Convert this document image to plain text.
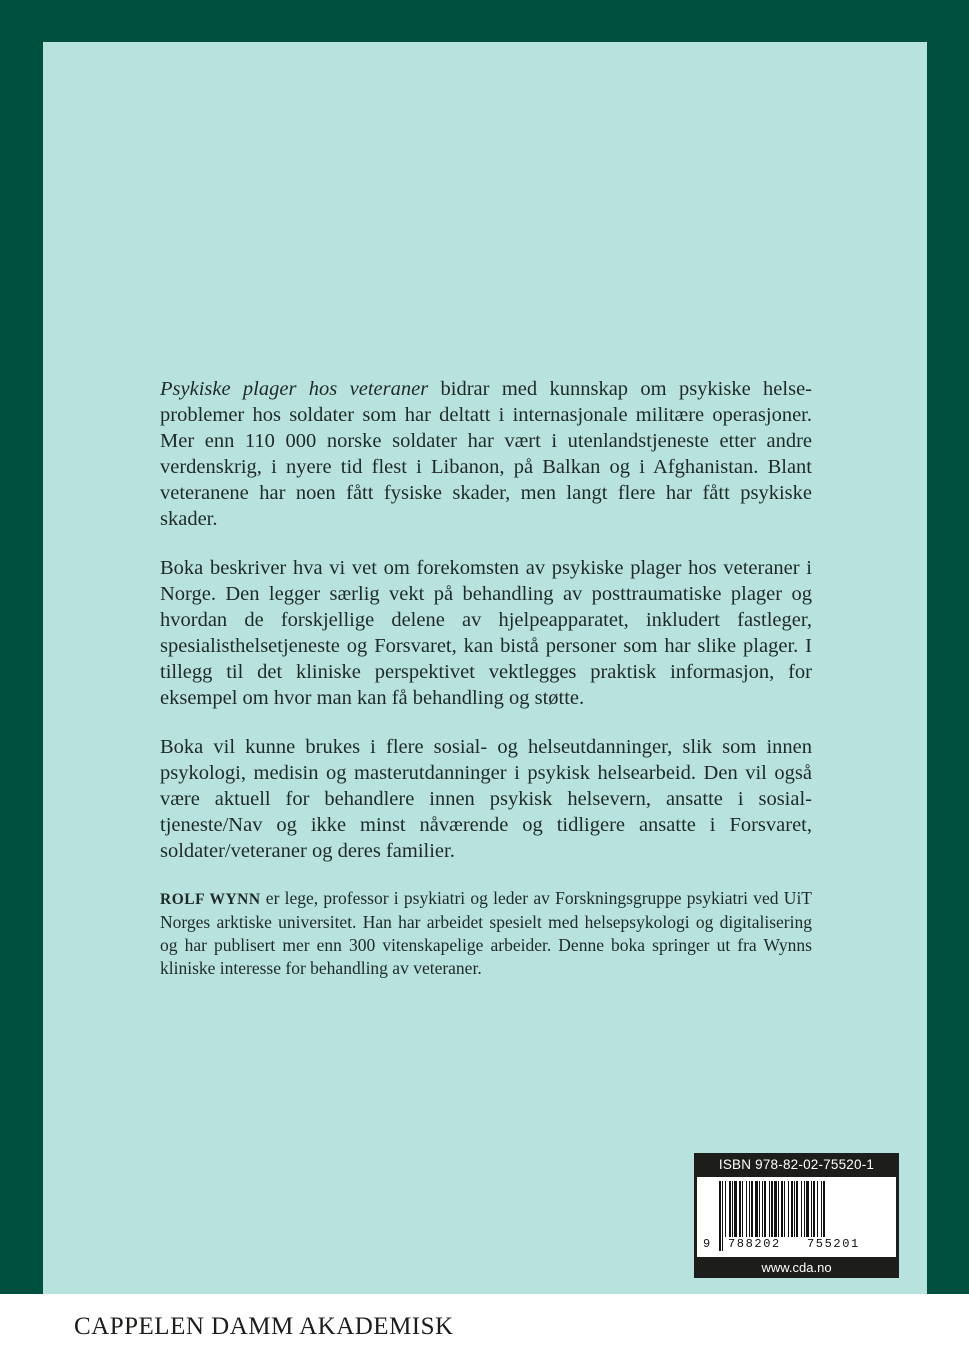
Psykiske plager hos veteraner bidrar med kunnskap om psykiske helseproblemer hos soldater som har deltatt i internasjonale militære operasjoner. Mer enn 110 000 norske soldater har vært i utenlandstjeneste etter andre verdenskrig, i nyere tid flest i Libanon, på Balkan og i Afghanistan. Blant veteranene har noen fått fysiske skader, men langt flere har fått psykiske skader.

Boka beskriver hva vi vet om forekomsten av psykiske plager hos veteraner i Norge. Den legger særlig vekt på behandling av posttraumatiske plager og hvordan de forskjellige delene av hjelpeapparatet, inkludert fastleger, spesialisthelsetjeneste og Forsvaret, kan bistå personer som har slike plager. I tillegg til det kliniske perspektivet vektlegges praktisk informasjon, for eksempel om hvor man kan få behandling og støtte.

Boka vil kunne brukes i flere sosial- og helseutdanninger, slik som innen psykologi, medisin og masterutdanninger i psykisk helsearbeid. Den vil også være aktuell for behandlere innen psykisk helsevern, ansatte i sosialtjeneste/Nav og ikke minst nåværende og tidligere ansatte i Forsvaret, soldater/veteraner og deres familier.

ROLF WYNN er lege, professor i psykiatri og leder av Forskningsgruppe psykiatri ved UiT Norges arktiske universitet. Han har arbeidet spesielt med helsepsykologi og digitalisering og har publisert mer enn 300 vitenskapelige arbeider. Denne boka springer ut fra Wynns kliniske interesse for behandling av veteraner.

ISBN 978-82-02-75520-1
9 788202 755201
www.cda.no
CAPPELEN DAMM AKADEMISK
